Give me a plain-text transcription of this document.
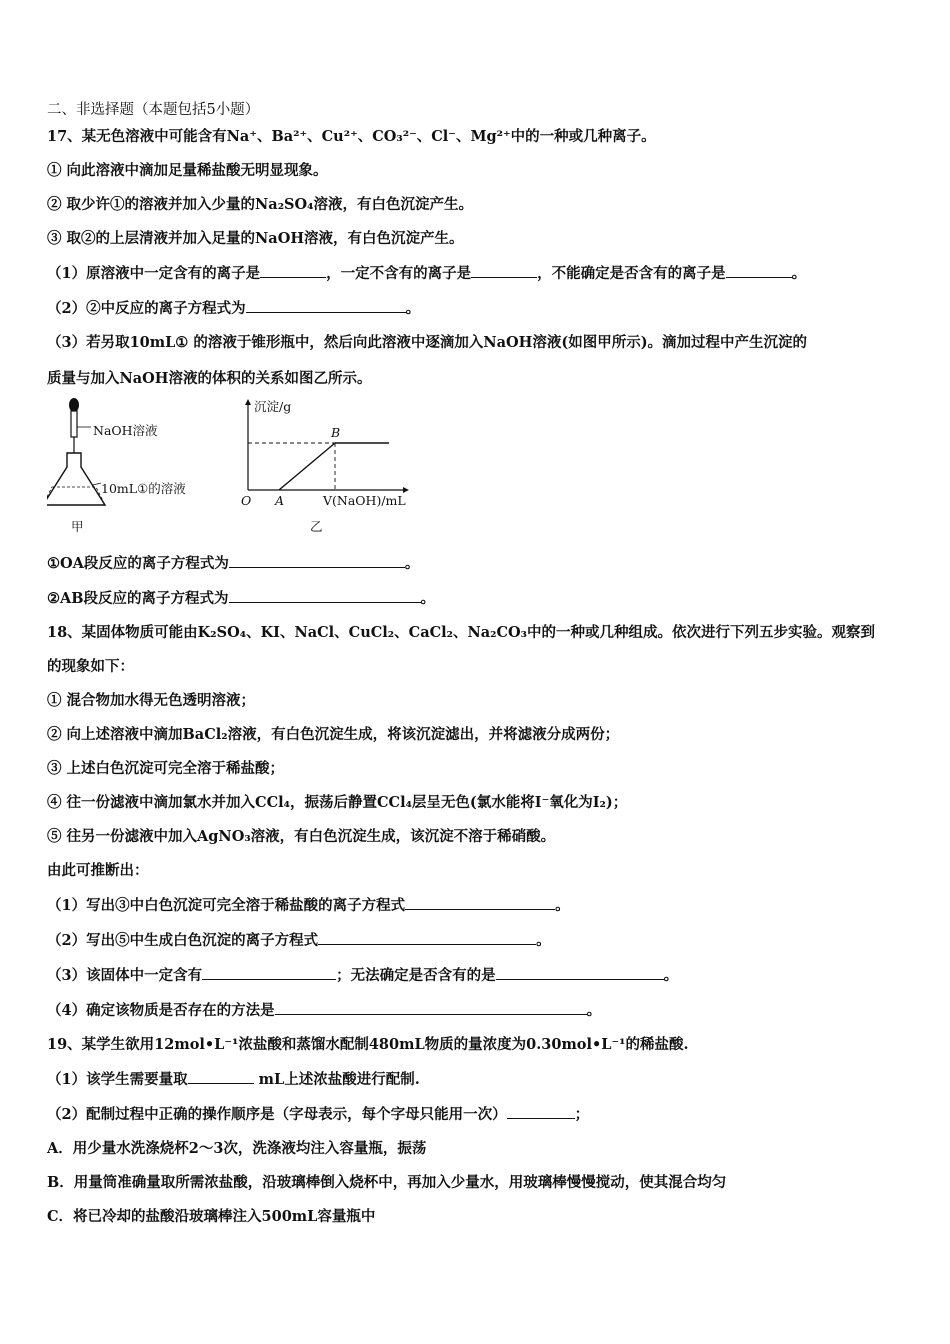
二、非选择题（本题包括5小题）

17、某无色溶液中可能含有Na⁺、Ba²⁺、Cu²⁺、CO₃²⁻、Cl⁻、Mg²⁺中的一种或几种离子。

① 向此溶液中滴加足量稀盐酸无明显现象。

② 取少许①的溶液并加入少量的Na₂SO₄溶液，有白色沉淀产生。

③ 取②的上层清液并加入足量的NaOH溶液，有白色沉淀产生。

（1）原溶液中一定含有的离子是	，一定不含有的离子是	，不能确定是否含有的离子是	。

（2）②中反应的离子方程式为	。

（3）若另取10mL① 的溶液于锥形瓶中，然后向此溶液中逐滴加入NaOH溶液(如图甲所示)。滴加过程中产生沉淀的

质量与加入NaOH溶液的体积的关系如图乙所示。

NaOH溶液
10mL①的溶液
甲
沉淀/g
V(NaOH)/mL
O A
B
乙

①OA段反应的离子方程式为	。

②AB段反应的离子方程式为	。

18、某固体物质可能由K₂SO₄、KI、NaCl、CuCl₂、CaCl₂、Na₂CO₃中的一种或几种组成。依次进行下列五步实验。观察到

的现象如下：

① 混合物加水得无色透明溶液；

② 向上述溶液中滴加BaCl₂溶液，有白色沉淀生成，将该沉淀滤出，并将滤液分成两份；

③ 上述白色沉淀可完全溶于稀盐酸；

④ 往一份滤液中滴加氯水并加入CCl₄，振荡后静置CCl₄层呈无色(氯水能将I⁻氧化为I₂)；

⑤ 往另一份滤液中加入AgNO₃溶液，有白色沉淀生成，该沉淀不溶于稀硝酸。

由此可推断出：

（1）写出③中白色沉淀可完全溶于稀盐酸的离子方程式	。

（2）写出⑤中生成白色沉淀的离子方程式	。

（3）该固体中一定含有	；无法确定是否含有的是	。

（4）确定该物质是否存在的方法是	。

19、某学生欲用12mol•L⁻¹浓盐酸和蒸馏水配制480mL物质的量浓度为0.30mol•L⁻¹的稀盐酸.

（1）该学生需要量取	mL上述浓盐酸进行配制.

（2）配制过程中正确的操作顺序是（字母表示，每个字母只能用一次）	；

A．用少量水洗涤烧杯2～3次，洗涤液均注入容量瓶，振荡

B．用量筒准确量取所需浓盐酸，沿玻璃棒倒入烧杯中，再加入少量水，用玻璃棒慢慢搅动，使其混合均匀

C．将已冷却的盐酸沿玻璃棒注入500mL容量瓶中
